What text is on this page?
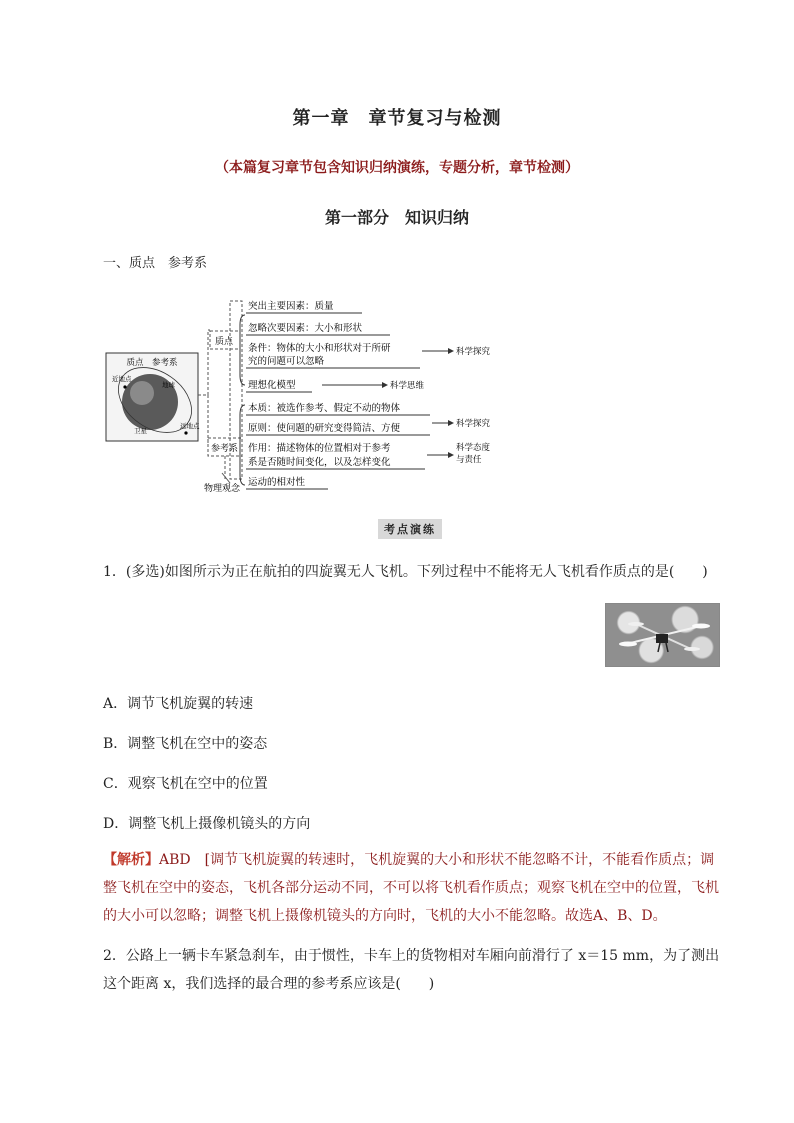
第一章　章节复习与检测
（本篇复习章节包含知识归纳演练，专题分析，章节检测）
第一部分　知识归纳
一、质点　参考系
质点　参考系
近地点
地球
卫星
远地点
质点
参考系
物理观念
突出主要因素：质量
忽略次要因素：大小和形状
条件：物体的大小和形状对于所研
究的问题可以忽略
理想化模型
本质：被选作参考、假定不动的物体
原则：使问题的研究变得简洁、方便
作用：描述物体的位置相对于参考
系是否随时间变化，以及怎样变化
运动的相对性
科学探究
科学思维
科学探究
科学态度
与责任
考点演练
1．(多选)如图所示为正在航拍的四旋翼无人飞机。下列过程中不能将无人飞机看作质点的是(　　)
A．调节飞机旋翼的转速
B．调整飞机在空中的姿态
C．观察飞机在空中的位置
D．调整飞机上摄像机镜头的方向
【解析】ABD　[调节飞机旋翼的转速时，飞机旋翼的大小和形状不能忽略不计，不能看作质点；调整飞机在空中的姿态，飞机各部分运动不同，不可以将飞机看作质点；观察飞机在空中的位置，飞机的大小可以忽略；调整飞机上摄像机镜头的方向时，飞机的大小不能忽略。故选A、B、D。
2．公路上一辆卡车紧急刹车，由于惯性，卡车上的货物相对车厢向前滑行了 x＝15 mm，为了测出这个距离 x，我们选择的最合理的参考系应该是(　　)
